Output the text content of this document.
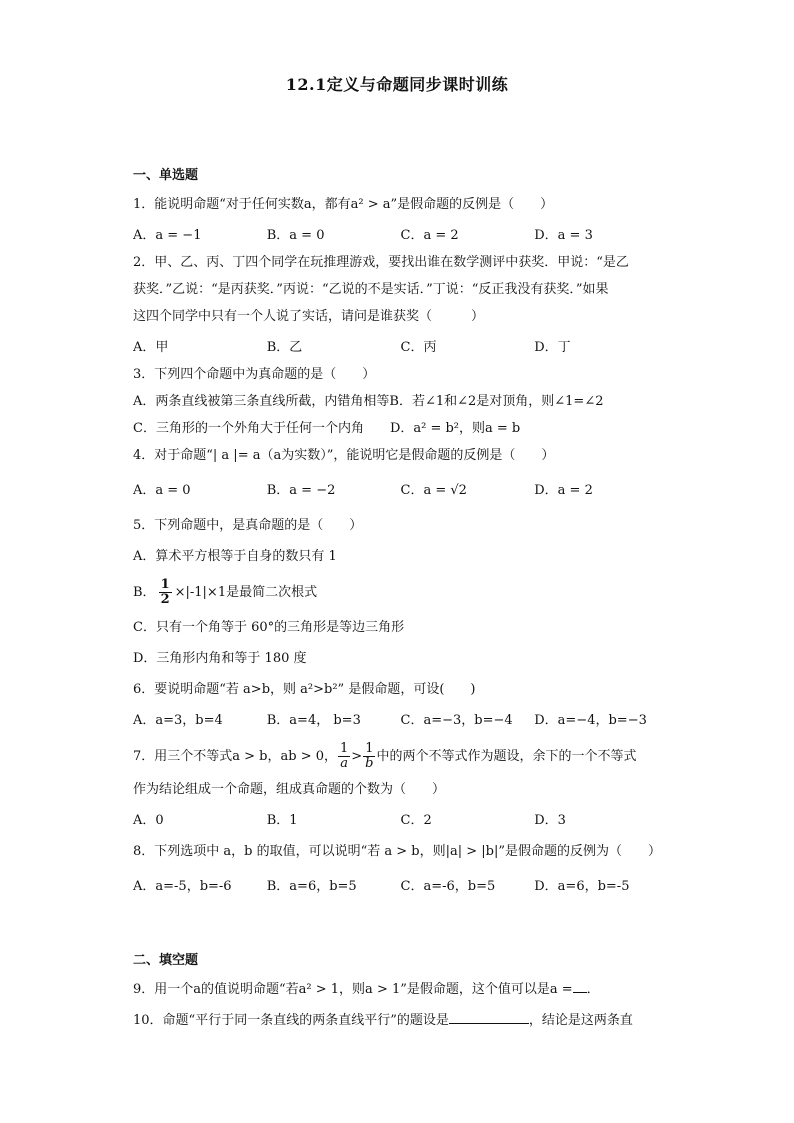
12.1定义与命题同步课时训练
一、单选题
1．能说明命题“对于任何实数a，都有a² > a”是假命题的反例是（　　）
A．a = −1	B．a = 0	C．a = 2	D．a = 3
2．甲、乙、丙、丁四个同学在玩推理游戏，要找出谁在数学测评中获奖．甲说：“是乙
获奖．”乙说：“是丙获奖．”丙说：“乙说的不是实话．”丁说：“反正我没有获奖．”如果
这四个同学中只有一个人说了实话，请问是谁获奖（　　　）
A．甲	B．乙	C．丙	D．丁
3．下列四个命题中为真命题的是（　　）
A．两条直线被第三条直线所截，内错角相等B．若∠1和∠2是对顶角，则∠1=∠2
C．三角形的一个外角大于任何一个内角　　D．a² = b²，则a = b
4．对于命题“| a |= a（a为实数）”，能说明它是假命题的反例是（　　）
A．a = 0	B．a = −2	C．a = √2	D．a = 2
5．下列命题中，是真命题的是（　　）
A．算术平方根等于自身的数只有 1
B． $\frac{1}{2} \times|-1|\times 1$是最简二次根式
C．只有一个角等于 60°的三角形是等边三角形
D．三角形内角和等于 180 度
6．要说明命题“若 a>b，则 a²>b²” 是假命题，可设(　　)
A．a=3，b=4	B．a=4， b=3	C．a=−3，b=−4	D．a=−4，b=−3
7．用三个不等式a > b，ab > 0， $\frac{1}{a} > \frac{1}{b}$ 中的两个不等式作为题设，余下的一个不等式
作为结论组成一个命题，组成真命题的个数为（　　）
A．0	B．1	C．2	D．3
8．下列选项中 a，b 的取值，可以说明“若 a > b，则|a| > |b|”是假命题的反例为（　　）
A．a=-5，b=-6	B．a=6，b=5	C．a=-6，b=5	D．a=6，b=-5
二、填空题
9．用一个a的值说明命题“若a² > 1，则a > 1”是假命题，这个值可以是a = ．
10．命题“平行于同一条直线的两条直线平行”的题设是	，结论是这两条直
